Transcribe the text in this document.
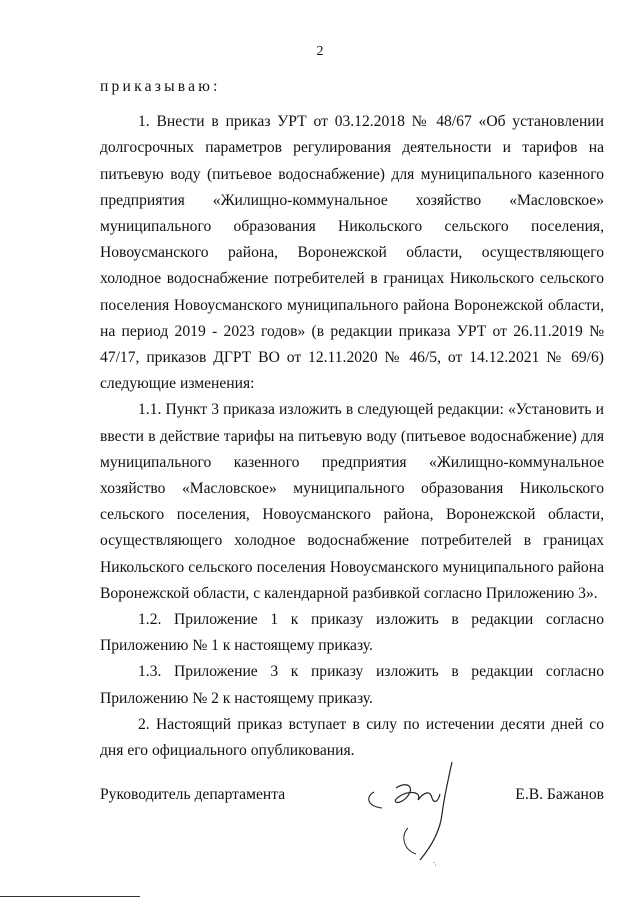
2

приказываю:

1. Внести в приказ УРТ от 03.12.2018 № 48/67 «Об установлении долгосрочных параметров регулирования деятельности и тарифов на питьевую воду (питьевое водоснабжение) для муниципального казенного предприятия «Жилищно-коммунальное хозяйство «Масловское» муниципального образования Никольского сельского поселения, Новоусманского района, Воронежской области, осуществляющего холодное водоснабжение потребителей в границах Никольского сельского поселения Новоусманского муниципального района Воронежской области, на период 2019 - 2023 годов» (в редакции приказа УРТ от 26.11.2019 № 47/17, приказов ДГРТ ВО от 12.11.2020 № 46/5, от 14.12.2021 № 69/6) следующие изменения:

1.1. Пункт 3 приказа изложить в следующей редакции: «Установить и ввести в действие тарифы на питьевую воду (питьевое водоснабжение) для муниципального казенного предприятия «Жилищно-коммунальное хозяйство «Масловское» муниципального образования Никольского сельского поселения, Новоусманского района, Воронежской области, осуществляющего холодное водоснабжение потребителей в границах Никольского сельского поселения Новоусманского муниципального района Воронежской области, с календарной разбивкой согласно Приложению 3».

1.2. Приложение 1 к приказу изложить в редакции согласно Приложению № 1 к настоящему приказу.

1.3. Приложение 3 к приказу изложить в редакции согласно Приложению № 2 к настоящему приказу.

2. Настоящий приказ вступает в силу по истечении десяти дней со дня его официального опубликования.

Руководитель департамента	Е.В. Бажанов
